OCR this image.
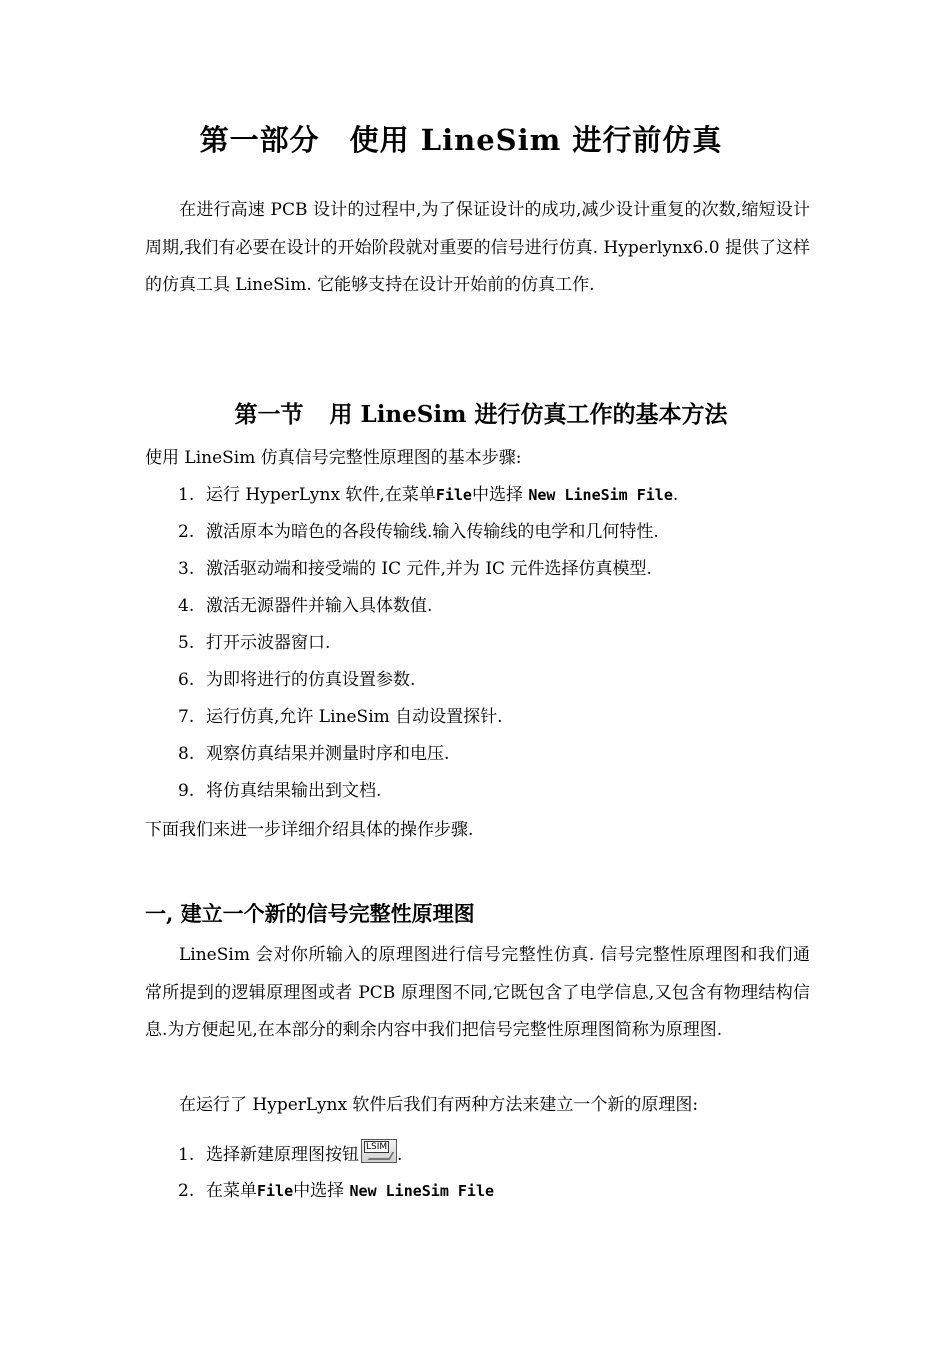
第一部分 使用 LineSim 进行前仿真
在进行高速 PCB 设计的过程中,为了保证设计的成功,减少设计重复的次数,缩短设计周期,我们有必要在设计的开始阶段就对重要的信号进行仿真. Hyperlynx6.0 提供了这样的仿真工具 LineSim. 它能够支持在设计开始前的仿真工作.
第一节 用 LineSim 进行仿真工作的基本方法
使用 LineSim 仿真信号完整性原理图的基本步骤:
1. 运行 HyperLynx 软件,在菜单File中选择 New LineSim File.
2. 激活原本为暗色的各段传输线.输入传输线的电学和几何特性.
3. 激活驱动端和接受端的 IC 元件,并为 IC 元件选择仿真模型.
4. 激活无源器件并输入具体数值.
5. 打开示波器窗口.
6. 为即将进行的仿真设置参数.
7. 运行仿真,允许 LineSim 自动设置探针.
8. 观察仿真结果并测量时序和电压.
9. 将仿真结果输出到文档.
下面我们来进一步详细介绍具体的操作步骤.
一, 建立一个新的信号完整性原理图
LineSim 会对你所输入的原理图进行信号完整性仿真. 信号完整性原理图和我们通常所提到的逻辑原理图或者 PCB 原理图不同,它既包含了电学信息,又包含有物理结构信息.为方便起见,在本部分的剩余内容中我们把信号完整性原理图简称为原理图.
在运行了 HyperLynx 软件后我们有两种方法来建立一个新的原理图:
1. 选择新建原理图按钮 LSIM .
2. 在菜单File中选择 New LineSim File
